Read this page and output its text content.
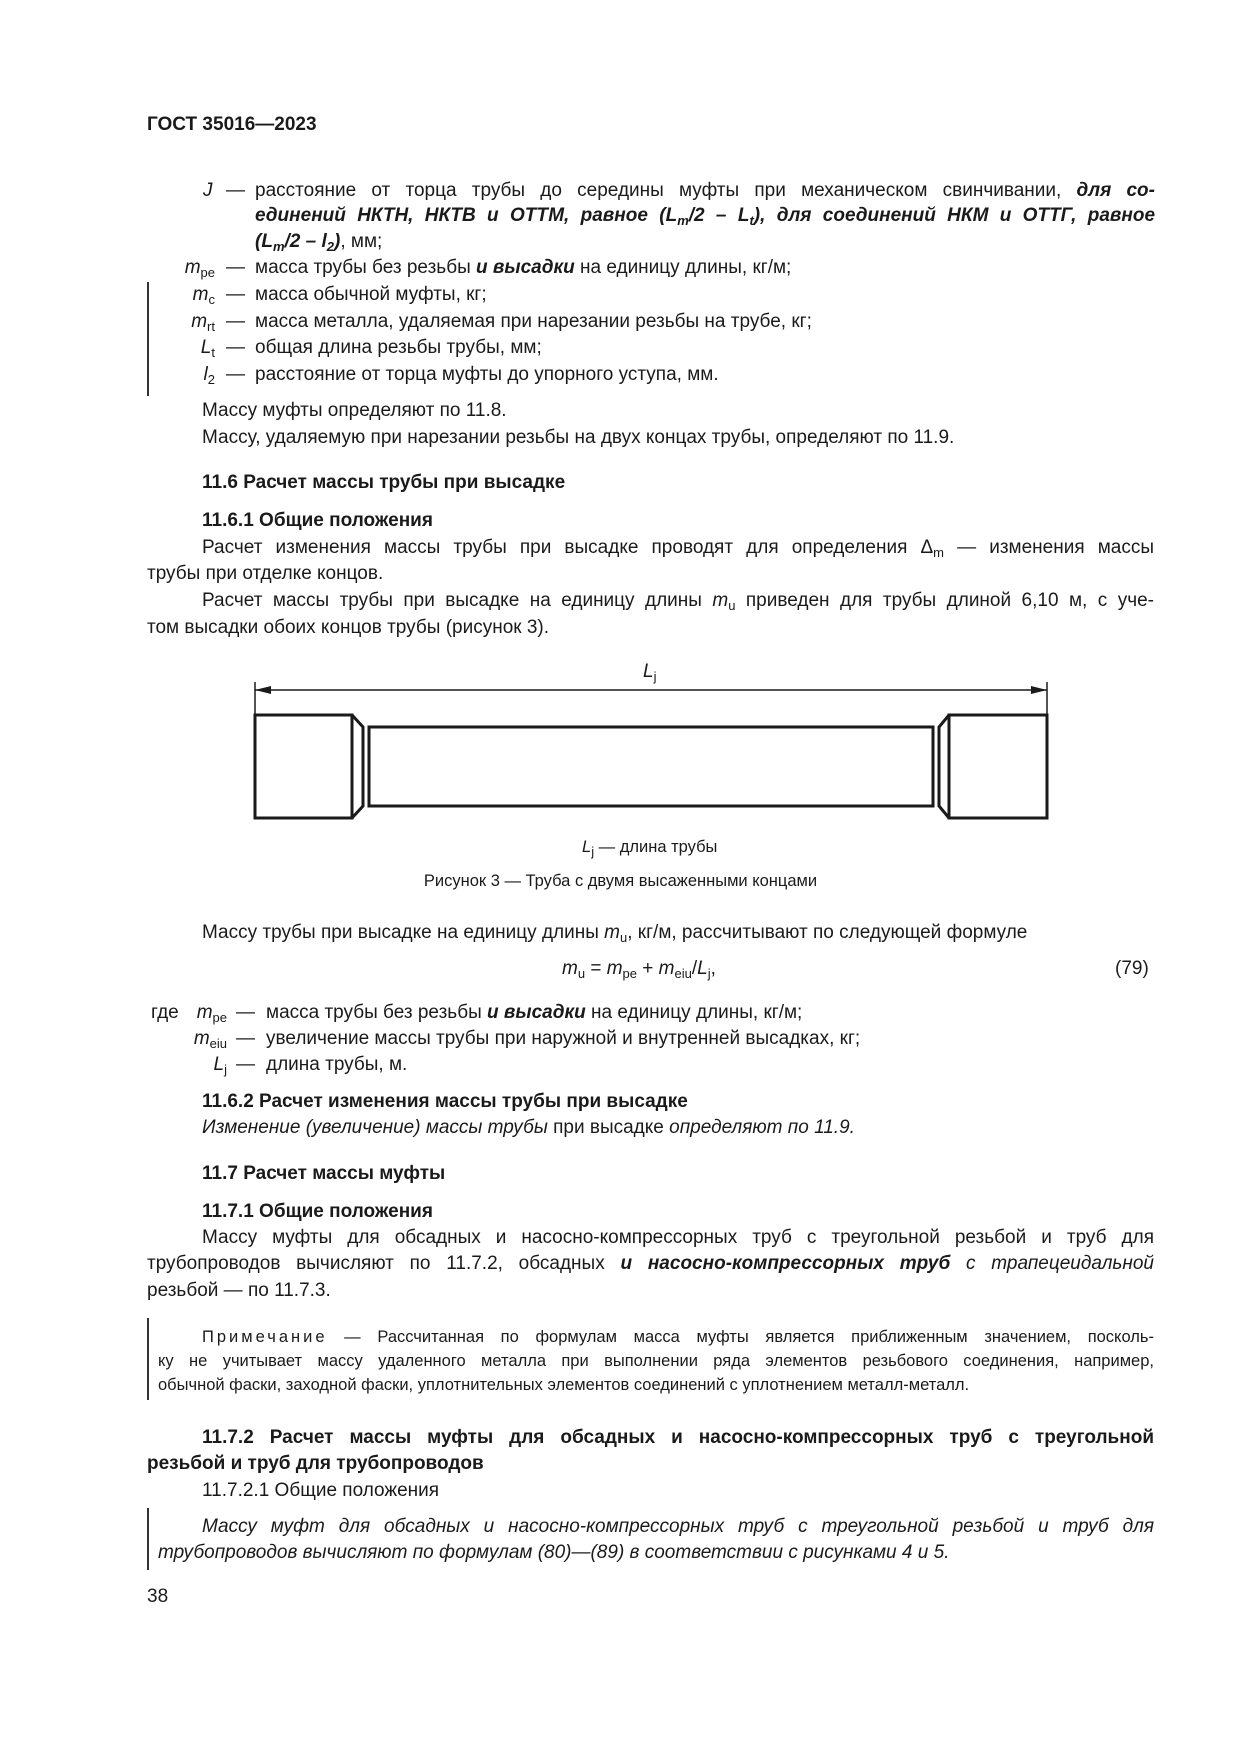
ГОСТ 35016—2023
J — расстояние от торца трубы до середины муфты при механическом свинчивании, для со-
единений НКТН, НКТВ и ОТТМ, равное $(L_m/2 - L_t)$, для соединений НКМ и ОТТГ, равное
$(L_m/2 - l_2)$, мм;
$m_{pe}$ — масса трубы без резьбы и высадки на единицу длины, кг/м;
$m_c$ — масса обычной муфты, кг;
$m_{rt}$ — масса металла, удаляемая при нарезании резьбы на трубе, кг;
$L_t$ — общая длина резьбы трубы, мм;
$l_2$ — расстояние от торца муфты до упорного уступа, мм.
Массу муфты определяют по 11.8.
Массу, удаляемую при нарезании резьбы на двух концах трубы, определяют по 11.9.
11.6 Расчет массы трубы при высадке
11.6.1 Общие положения
Расчет изменения массы трубы при высадке проводят для определения $\Delta_m$ — изменения массы
трубы при отделке концов.
Расчет массы трубы при высадке на единицу длины $m_u$ приведен для трубы длиной 6,10 м, с уче-
том высадки обоих концов трубы (рисунок 3).
$L_j$
$L_j$ — длина трубы
Рисунок 3 — Труба с двумя высаженными концами
Массу трубы при высадке на единицу длины $m_u$, кг/м, рассчитывают по следующей формуле
$m_u = m_{pe} + m_{eiu}/L_j$,	(79)
где $m_{pe}$ — масса трубы без резьбы и высадки на единицу длины, кг/м;
$m_{eiu}$ — увеличение массы трубы при наружной и внутренней высадках, кг;
$L_j$ — длина трубы, м.
11.6.2 Расчет изменения массы трубы при высадке
Изменение (увеличение) массы трубы при высадке определяют по 11.9.
11.7 Расчет массы муфты
11.7.1 Общие положения
Массу муфты для обсадных и насосно-компрессорных труб с треугольной резьбой и труб для
трубопроводов вычисляют по 11.7.2, обсадных и насосно-компрессорных труб с трапецеидальной
резьбой — по 11.7.3.
Примечание — Рассчитанная по формулам масса муфты является приближенным значением, посколь-
ку не учитывает массу удаленного металла при выполнении ряда элементов резьбового соединения, например,
обычной фаски, заходной фаски, уплотнительных элементов соединений с уплотнением металл-металл.
11.7.2 Расчет массы муфты для обсадных и насосно-компрессорных труб с треугольной
резьбой и труб для трубопроводов
11.7.2.1 Общие положения
Массу муфт для обсадных и насосно-компрессорных труб с треугольной резьбой и труб для
трубопроводов вычисляют по формулам (80)—(89) в соответствии с рисунками 4 и 5.
38
